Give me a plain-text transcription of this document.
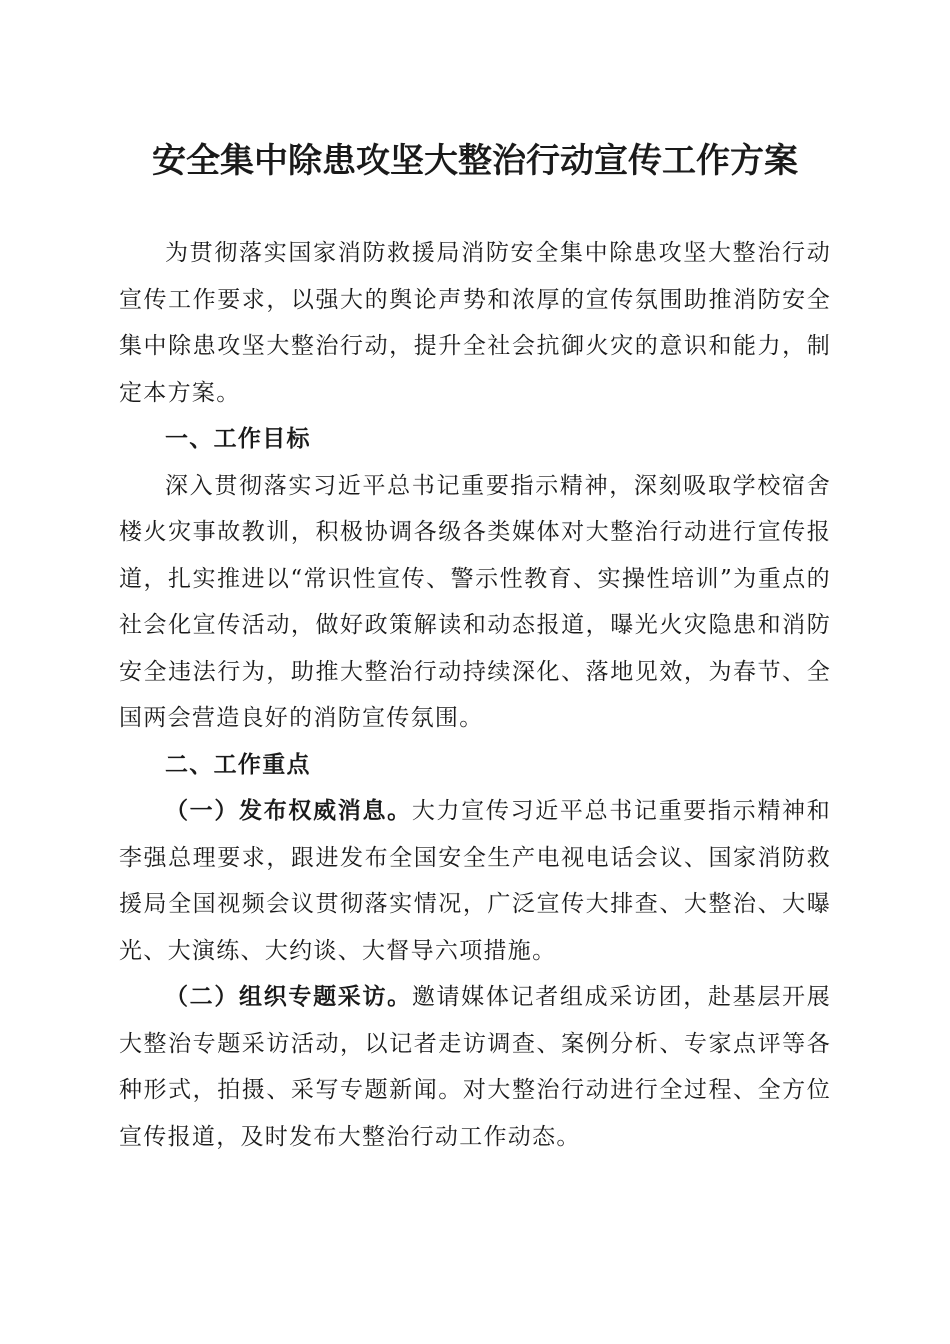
安全集中除患攻坚大整治行动宣传工作方案

为贯彻落实国家消防救援局消防安全集中除患攻坚大整治行动宣传工作要求，以强大的舆论声势和浓厚的宣传氛围助推消防安全集中除患攻坚大整治行动，提升全社会抗御火灾的意识和能力，制定本方案。

一、工作目标

深入贯彻落实习近平总书记重要指示精神，深刻吸取学校宿舍楼火灾事故教训，积极协调各级各类媒体对大整治行动进行宣传报道，扎实推进以“常识性宣传、警示性教育、实操性培训”为重点的社会化宣传活动，做好政策解读和动态报道，曝光火灾隐患和消防安全违法行为，助推大整治行动持续深化、落地见效，为春节、全国两会营造良好的消防宣传氛围。

二、工作重点

（一）发布权威消息。大力宣传习近平总书记重要指示精神和李强总理要求，跟进发布全国安全生产电视电话会议、国家消防救援局全国视频会议贯彻落实情况，广泛宣传大排查、大整治、大曝光、大演练、大约谈、大督导六项措施。

（二）组织专题采访。邀请媒体记者组成采访团，赴基层开展大整治专题采访活动，以记者走访调查、案例分析、专家点评等各种形式，拍摄、采写专题新闻。对大整治行动进行全过程、全方位宣传报道，及时发布大整治行动工作动态。
